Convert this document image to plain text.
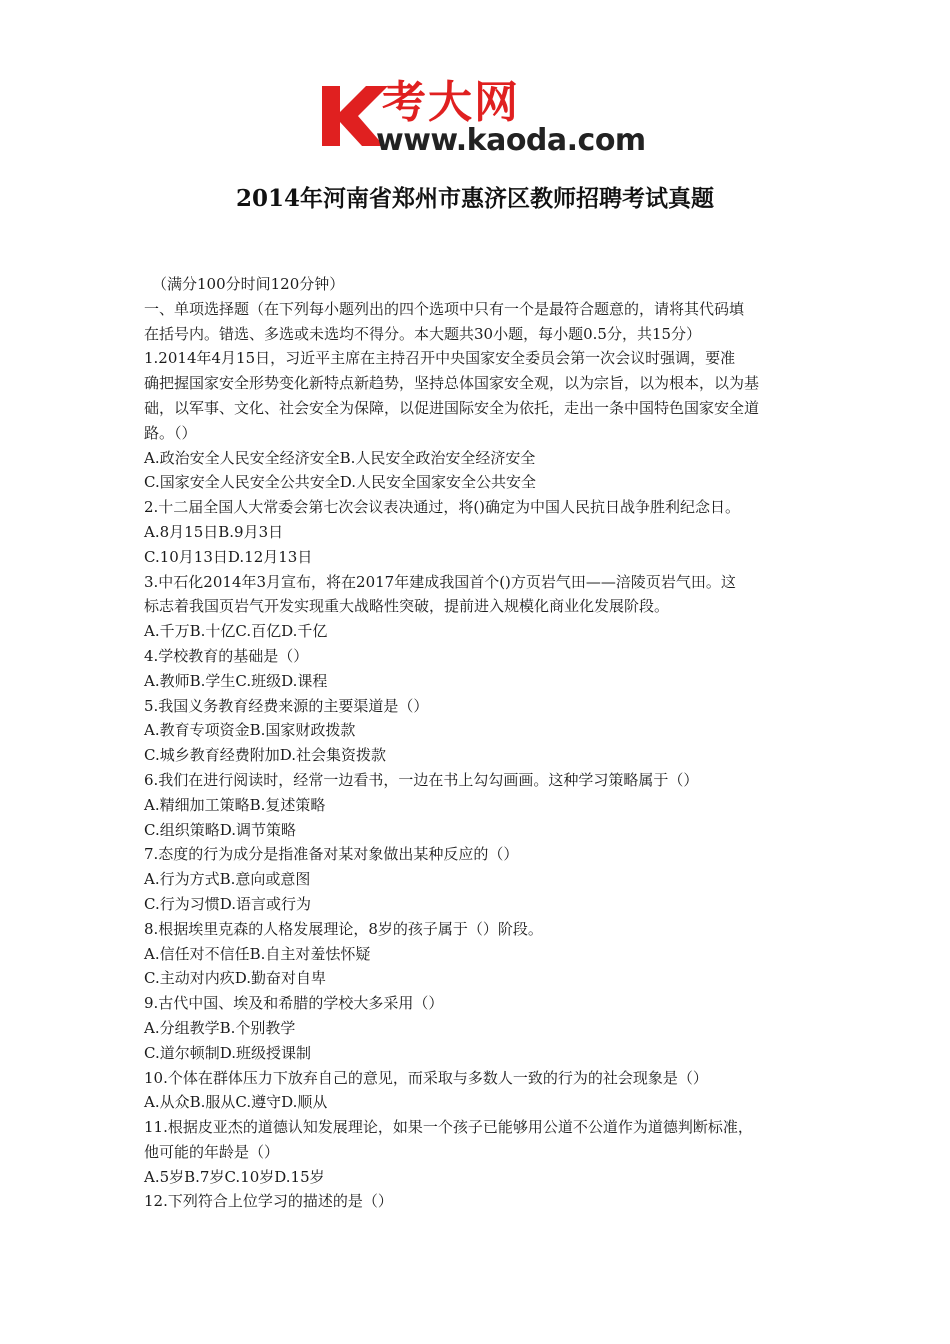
考大网
www.kaoda.com
2014年河南省郑州市惠济区教师招聘考试真题
（满分100分时间120分钟）
一、单项选择题（在下列每小题列出的四个选项中只有一个是最符合题意的，请将其代码填
在括号内。错选、多选或未选均不得分。本大题共30小题，每小题0.5分，共15分）
1.2014年4月15日，习近平主席在主持召开中央国家安全委员会第一次会议时强调，要准
确把握国家安全形势变化新特点新趋势，坚持总体国家安全观，以为宗旨，以为根本，以为基
础，以军事、文化、社会安全为保障，以促进国际安全为依托，走出一条中国特色国家安全道
路。（）
A.政治安全人民安全经济安全B.人民安全政治安全经济安全
C.国家安全人民安全公共安全D.人民安全国家安全公共安全
2.十二届全国人大常委会第七次会议表决通过，将()确定为中国人民抗日战争胜利纪念日。
A.8月15日B.9月3日
C.10月13日D.12月13日
3.中石化2014年3月宣布，将在2017年建成我国首个()方页岩气田——涪陵页岩气田。这
标志着我国页岩气开发实现重大战略性突破，提前进入规模化商业化发展阶段。
A.千万B.十亿C.百亿D.千亿
4.学校教育的基础是（）
A.教师B.学生C.班级D.课程
5.我国义务教育经费来源的主要渠道是（）
A.教育专项资金B.国家财政拨款
C.城乡教育经费附加D.社会集资拨款
6.我们在进行阅读时，经常一边看书，一边在书上勾勾画画。这种学习策略属于（）
A.精细加工策略B.复述策略
C.组织策略D.调节策略
7.态度的行为成分是指准备对某对象做出某种反应的（）
A.行为方式B.意向或意图
C.行为习惯D.语言或行为
8.根据埃里克森的人格发展理论，8岁的孩子属于（）阶段。
A.信任对不信任B.自主对羞怯怀疑
C.主动对内疚D.勤奋对自卑
9.古代中国、埃及和希腊的学校大多采用（）
A.分组教学B.个别教学
C.道尔顿制D.班级授课制
10.个体在群体压力下放弃自己的意见，而采取与多数人一致的行为的社会现象是（）
A.从众B.服从C.遵守D.顺从
11.根据皮亚杰的道德认知发展理论，如果一个孩子已能够用公道不公道作为道德判断标准，
他可能的年龄是（）
A.5岁B.7岁C.10岁D.15岁
12.下列符合上位学习的描述的是（）
